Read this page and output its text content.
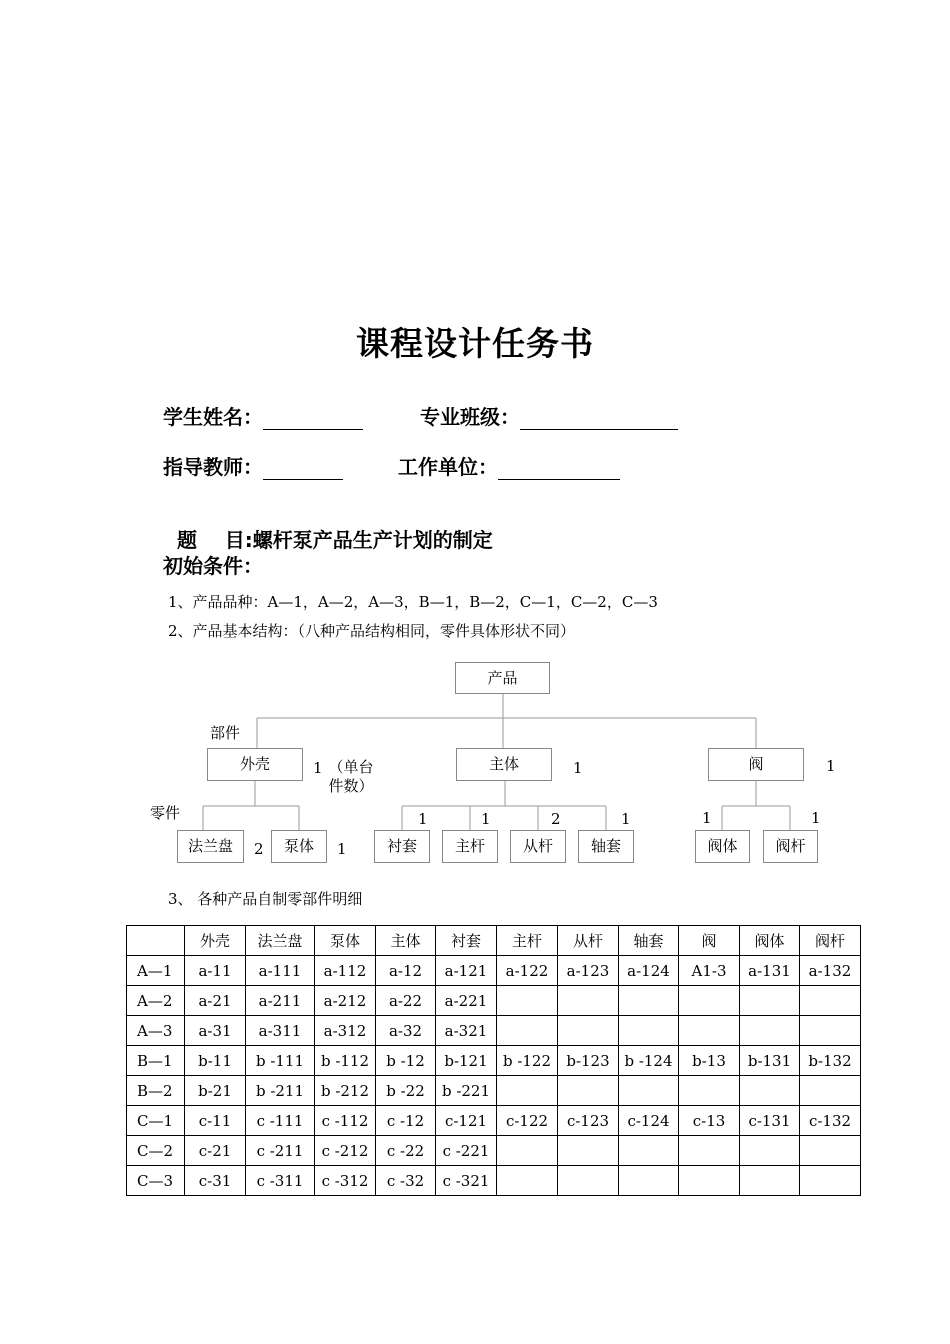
课程设计任务书
学生姓名：	专业班级：
指导教师：	工作单位：

题    目:螺杆泵产品生产计划的制定

初始条件：
1、产品品种：A—1，A—2，A—3，B—1，B—2，C—1，C—2，C—3
2、产品基本结构：（八种产品结构相同，零件具体形状不同）
产品
部件
零件
外壳	1 （单台件数）
主体	1	阀	1
法兰盘	2	泵体	1
1	1	2	1
衬套	主杆	从杆	轴套
1	1
阀体	阀杆
3、 各种产品自制零部件明细
	外壳	法兰盘	泵体	主体	衬套	主杆	从杆	轴套	阀	阀体	阀杆
A—1	a-11	a-111	a-112	a-12	a-121	a-122	a-123	a-124	A1-3	a-131	a-132
A—2	a-21	a-211	a-212	a-22	a-221						
A—3	a-31	a-311	a-312	a-32	a-321						
B—1	b-11	b -111	b -112	b -12	b-121	b -122	b-123	b -124	b-13	b-131	b-132
B—2	b-21	b -211	b -212	b -22	b -221						
C—1	c-11	c -111	c -112	c -12	c-121	c-122	c-123	c-124	c-13	c-131	c-132
C—2	c-21	c -211	c -212	c -22	c -221						
C—3	c-31	c -311	c -312	c -32	c -321						
